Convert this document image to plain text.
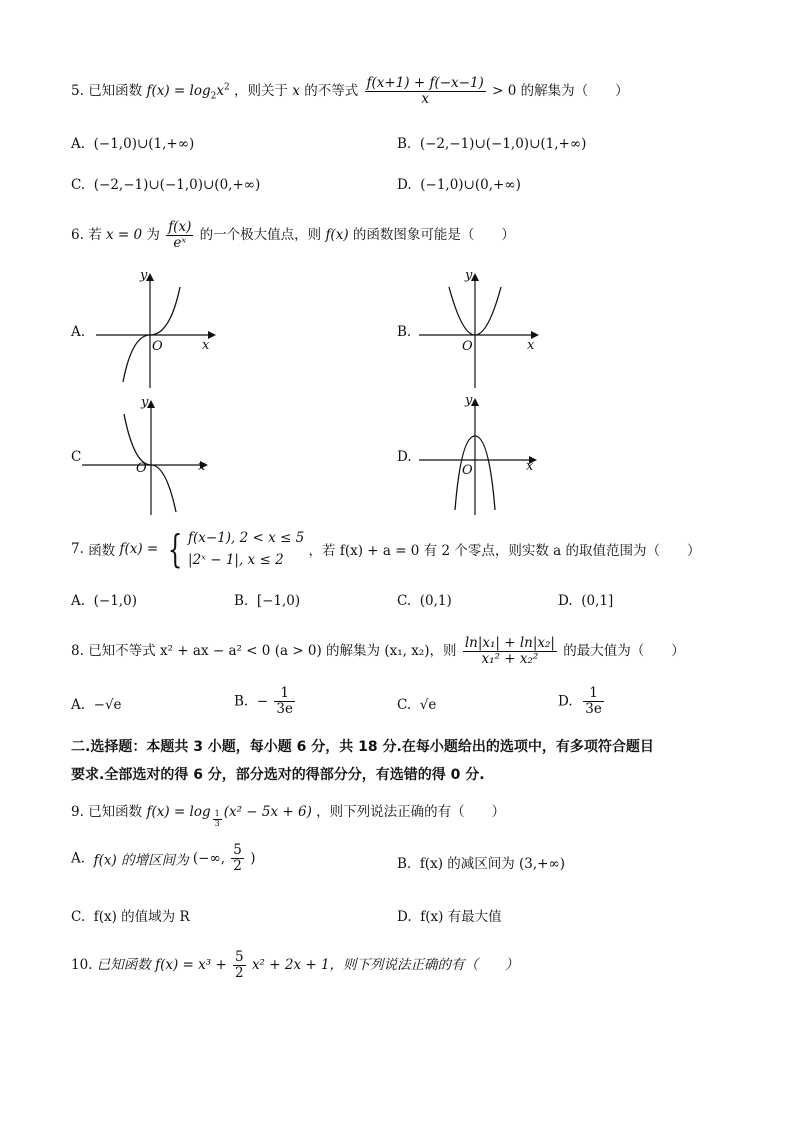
5. 已知函数 $f(x) = \log_2x^2$ ，则关于 x 的不等式 $\frac{f(x+1) + f(-x-1)}{x} > 0$ 的解集为（　　）
A. (−1,0)∪(1,+∞)	B. (−2,−1)∪(−1,0)∪(1,+∞)
C. (−2,−1)∪(−1,0)∪(0,+∞)	D. (−1,0)∪(0,+∞)
6. 若 x = 0 为 $\frac{f(x)}{\text{eˣ}}$ 的一个极大值点，则 f(x) 的函数图象可能是（　　）
A.
y
x
O
B.
y
x
O
C
y
x
O
D.
y
x
O
7. 函数 f(x) = { f(x−1), 2 < x ≤ 5
|2ˣ − 1|, x ≤ 2
，若 f(x) + a = 0 有 2 个零点，则实数 a 的取值范围为（　　）
A. (−1,0)	B. [−1,0)	C. (0,1)	D. (0,1]
8. 已知不等式 x² + ax − a² < 0 (a > 0) 的解集为 (x₁, x₂)，则 $\frac{\text{ln|x₁| + ln|x₂|}}{\text{x₁² + x₂²}}$ 的最大值为（　　）
A. −√e	B. − $\frac{1}{3e}$	C. √e	D. $\frac{1}{3e}$
二.选择题：本题共 3 小题，每小题 6 分，共 18 分.在每小题给出的选项中，有多项符合题目
要求.全部选对的得 6 分，部分选对的得部分分，有选错的得 0 分.
9. 已知函数 $f(x) = \log \frac{1}{3} (x^2 - 5x + 6)$ ，则下列说法正确的有（　　）
A. f(x) 的增区间为 (−∞, $\frac{5}{2}$ )	B. f(x) 的减区间为 (3,+∞)
C. f(x) 的值域为 R	D. f(x) 有最大值
10. 已知函数 $f(x) = x^3 + \frac{5}{2} x^2 + 2x + 1$，则下列说法正确的有（　　）
